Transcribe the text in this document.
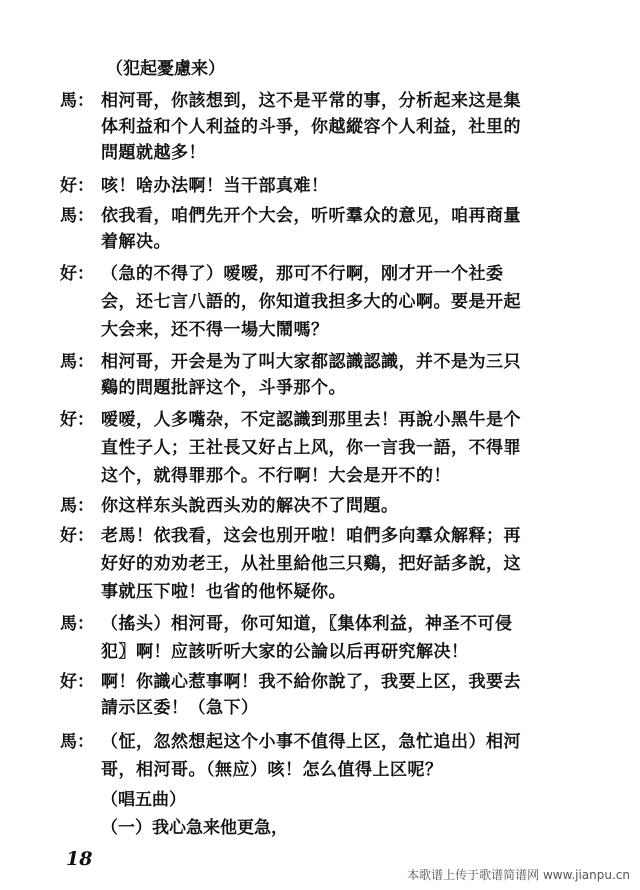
（犯起憂慮来）
馬： 相河哥，你該想到，这不是平常的事，分析起来这是集
体利益和个人利益的斗爭，你越縱容个人利益，社里的
問題就越多！
好： 咳！啥办法啊！当干部真难！
馬： 依我看，咱們先开个大会，听听羣众的意见，咱再商量
着解决。
好： （急的不得了）嗳嗳，那可不行啊，刚才开一个社委
会，还七言八語的，你知道我担多大的心啊。要是开起
大会来，还不得一場大鬧嗎？
馬： 相河哥，开会是为了叫大家都認識認識，并不是为三只
鷄的問題批評这个，斗爭那个。
好： 嗳嗳，人多嘴杂，不定認識到那里去！再說小黑牛是个
直性子人；王社長又好占上风，你一言我一語，不得罪
这个，就得罪那个。不行啊！大会是开不的！
馬： 你这样东头說西头劝的解决不了問題。
好： 老馬！依我看，这会也別开啦！咱們多向羣众解释；再
好好的劝劝老王，从社里給他三只鷄，把好話多說，这
事就压下啦！也省的他怀疑你。
馬： （搖头）相河哥，你可知道，〖集体利益，神圣不可侵
犯〗啊！应該听听大家的公論以后再研究解决！
好： 啊！你識心惹事啊！我不給你說了，我要上区，我要去
請示区委！（急下）
馬： （怔，忽然想起这个小事不值得上区，急忙追出）相河
哥，相河哥。（無应）咳！怎么值得上区呢？
（唱五曲）
（一）我心急来他更急，
18
本歌谱上传于歌谱简谱网 www.jianpu.cn
